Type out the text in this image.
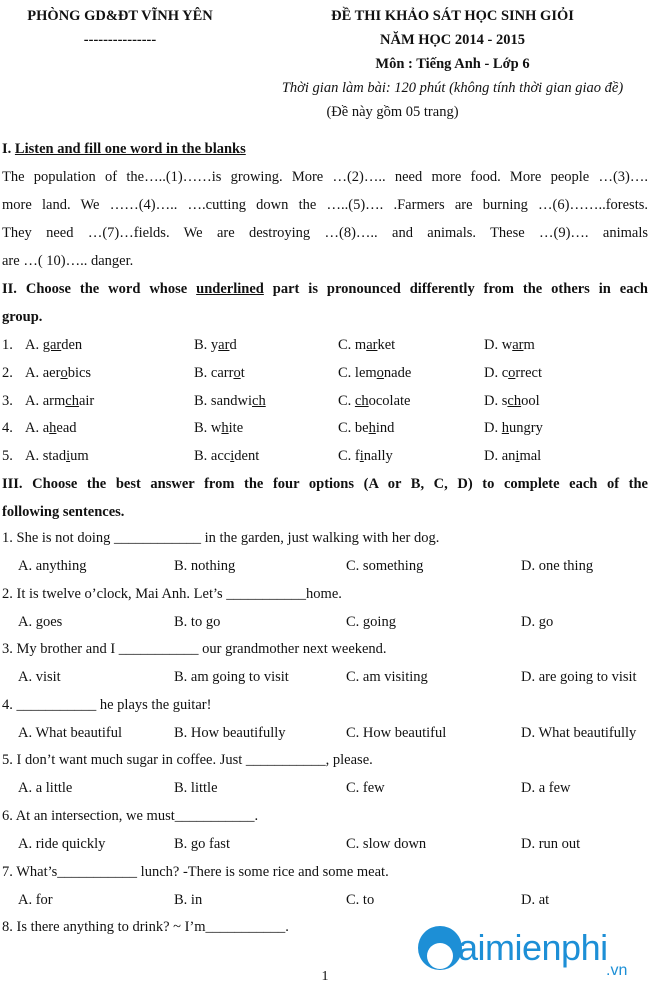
PHÒNG GD&ĐT VĨNH YÊN
---------------
ĐỀ THI KHẢO SÁT HỌC SINH GIỎI
NĂM HỌC 2014 - 2015
Môn : Tiếng Anh - Lớp 6
Thời gian làm bài: 120 phút (không tính thời gian giao đề)
(Đề này gồm 05 trang)
I. Listen and fill one word in the blanks
The population of the…..(1)……is growing. More …(2)….. need more food. More people …(3)….
more land. We ……(4)….. ….cutting down the …..(5)…. .Farmers are burning …(6)……..forests.
They need …(7)…fields. We are destroying …(8)….. and animals. These …(9)…. animals
are …( 10)….. danger.
II. Choose the word whose underlined part is pronounced differently from the others in each
group.
1. A. garden	B. yard	C. market	D. warm
2. A. aerobics	B. carrot	C. lemonade	D. correct
3. A. armchair	B. sandwich	C. chocolate	D. school
4. A. ahead	B. white	C. behind	D. hungry
5. A. stadium	B. accident	C. finally	D. animal
III. Choose the best answer from the four options (A or B, C, D) to complete each of the
following sentences.
1. She is not doing ____________ in the garden, just walking with her dog.
A. anything	B. nothing	C. something	D. one thing
2. It is twelve o’clock, Mai Anh. Let’s ___________home.
A. goes	B. to go	C. going	D. go
3. My brother and I ___________ our grandmother next weekend.
A. visit	B. am going to visit	C. am visiting	D. are going to visit
4. ___________ he plays the guitar!
A. What beautiful	B. How beautifully	C. How beautiful	D. What beautifully
5. I don’t want much sugar in coffee. Just ___________, please.
A. a little	B. little	C. few	D. a few
6. At an intersection, we must___________.
A. ride quickly	B. go fast	C. slow down	D. run out
7. What’s___________ lunch? -There is some rice and some meat.
A. for	B. in	C. to	D. at
8. Is there anything to drink? ~ I’m___________.
1
aimienphi
.vn
